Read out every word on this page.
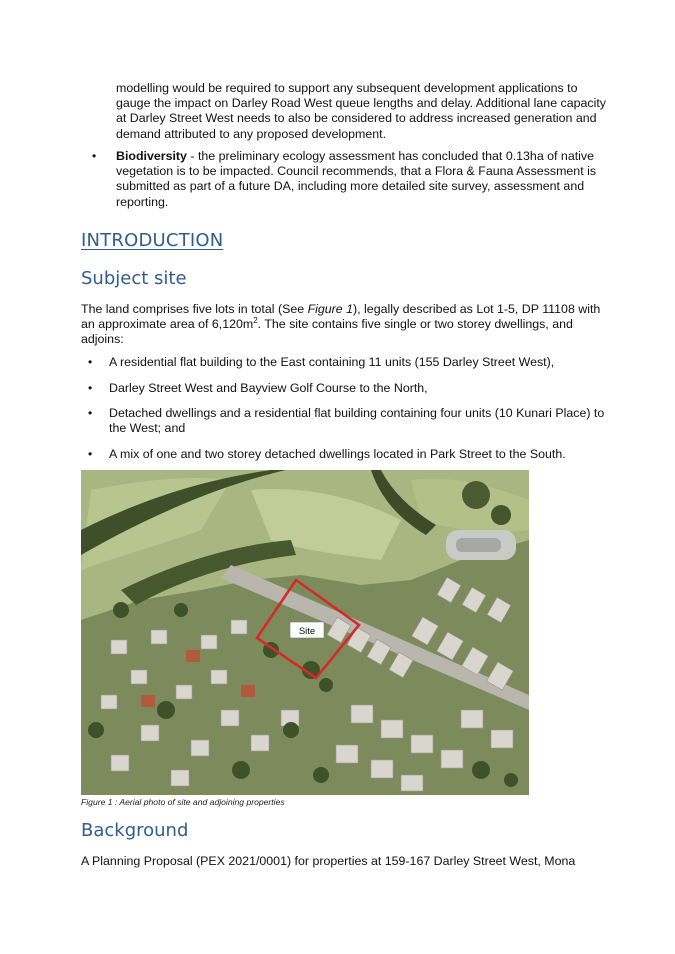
modelling would be required to support any subsequent development applications to gauge the impact on Darley Road West queue lengths and delay. Additional lane capacity at Darley Street West needs to also be considered to address increased generation and demand attributed to any proposed development.

• Biodiversity - the preliminary ecology assessment has concluded that 0.13ha of native vegetation is to be impacted. Council recommends, that a Flora & Fauna Assessment is submitted as part of a future DA, including more detailed site survey, assessment and reporting.
INTRODUCTION
Subject site
The land comprises five lots in total (See Figure 1), legally described as Lot 1-5, DP 11108 with an approximate area of $6,120m^2$. The site contains five single or two storey dwellings, and adjoins:
• A residential flat building to the East containing 11 units (155 Darley Street West),
• Darley Street West and Bayview Golf Course to the North,
• Detached dwellings and a residential flat building containing four units (10 Kunari Place) to the West; and
• A mix of one and two storey detached dwellings located in Park Street to the South.
Site
Figure 1 : Aerial photo of site and adjoining properties
Background

A Planning Proposal (PEX 2021/0001) for properties at 159-167 Darley Street West, Mona
